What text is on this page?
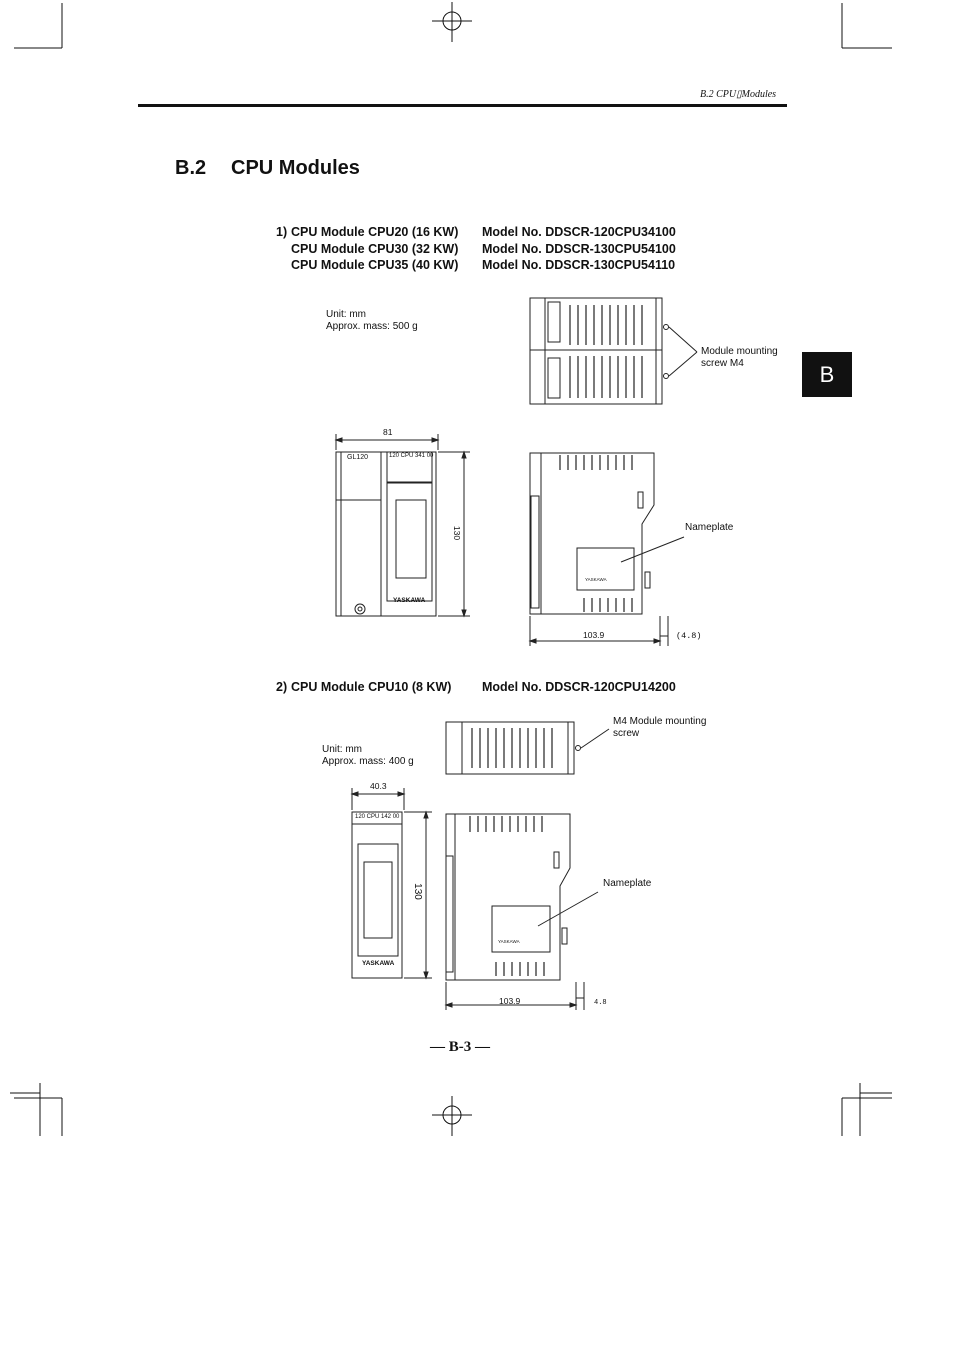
B.2 CPU▯Modules
B.2 CPU Modules
B
1) CPU Module CPU20 (16 KW) Model No. DDSCR-120CPU34100
CPU Module CPU30 (32 KW) Model No. DDSCR-130CPU54100
CPU Module CPU35 (40 KW) Model No. DDSCR-130CPU54110
Unit: mm
Approx. mass: 500 g
Module mounting
screw M4
Nameplate
81
130
103.9	(4.8)
GL120	120 CPU 341 00
YASKAWA
YASKAWA
2) CPU Module CPU10 (8 KW) Model No. DDSCR-120CPU14200
Unit: mm
Approx. mass: 400 g
M4 Module mounting
screw
Nameplate
40.3
130
103.9	4.8
120 CPU 142 00
YASKAWA
YASKAWA
— B-3 —
